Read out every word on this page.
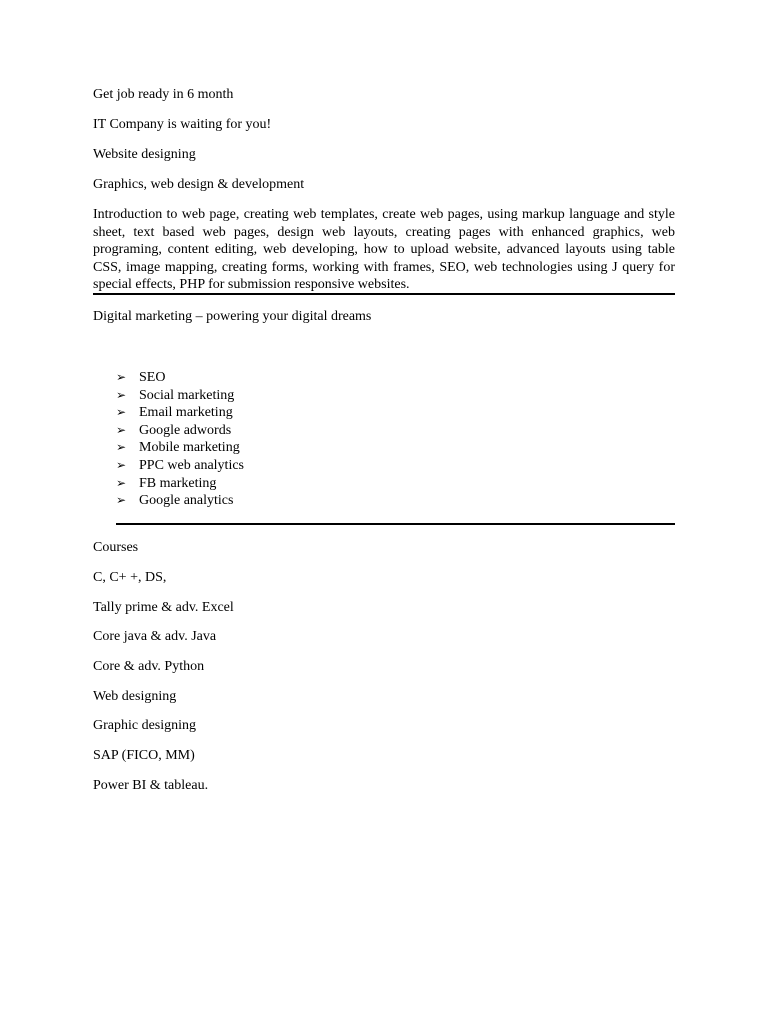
Get job ready in 6 month
IT Company is waiting for you!
Website designing
Graphics, web design & development
Introduction to web page, creating web templates, create web pages, using markup language and style
sheet, text based web pages, design web layouts, creating pages with enhanced graphics, web
programing, content editing, web developing, how to upload website, advanced layouts using table
CSS, image mapping, creating forms, working with frames, SEO, web technologies using J query for
special effects, PHP for submission responsive websites.
Digital marketing – powering your digital dreams
➢ SEO
➢ Social marketing
➢ Email marketing
➢ Google adwords
➢ Mobile marketing
➢ PPC web analytics
➢ FB marketing
➢ Google analytics
Courses
C, C+ +, DS,
Tally prime & adv. Excel
Core java & adv. Java
Core & adv. Python
Web designing
Graphic designing
SAP (FICO, MM)
Power BI & tableau.
